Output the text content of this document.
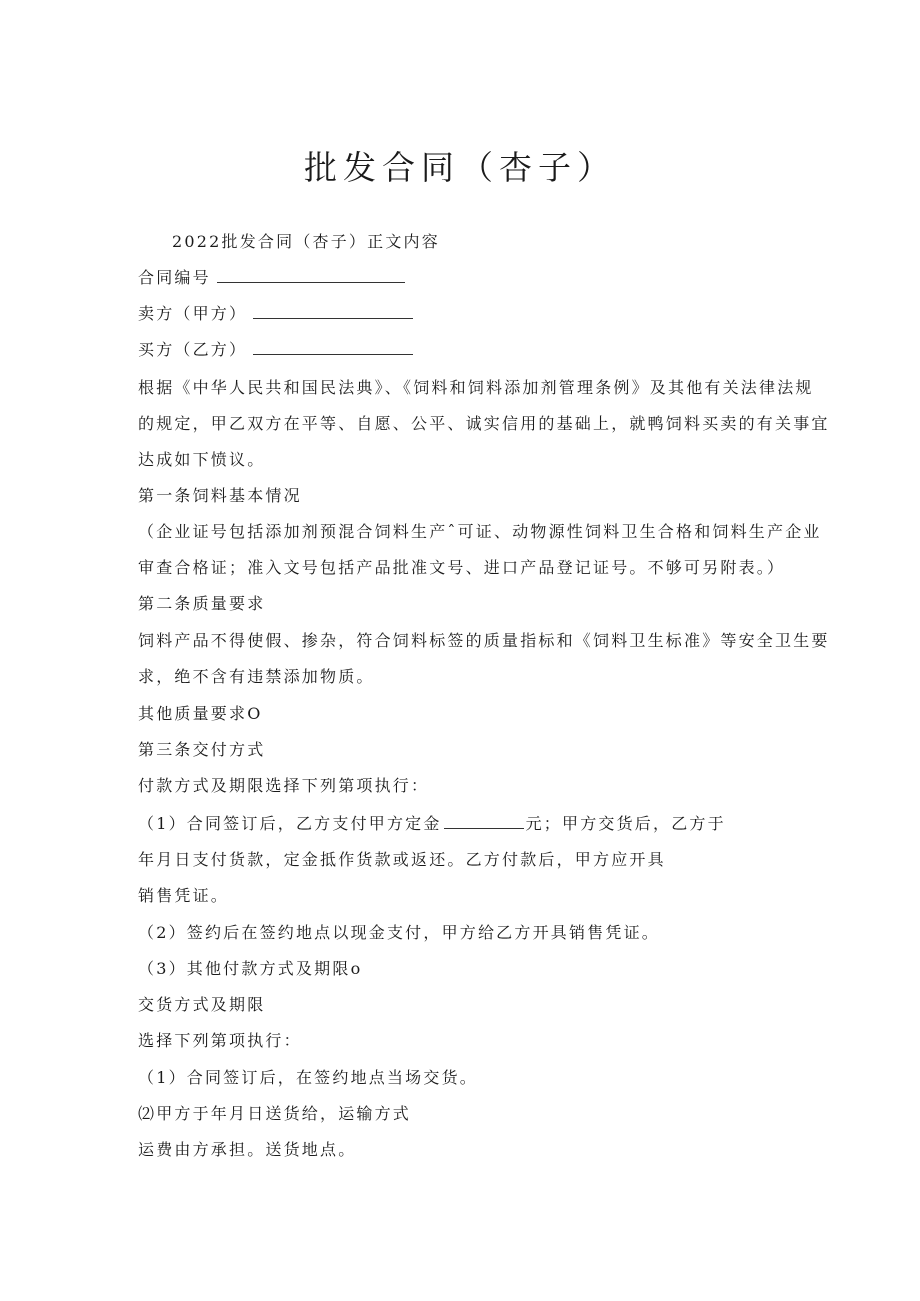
批发合同（杏子）
2022批发合同（杏子）正文内容
合同编号
卖方（甲方）
买方（乙方）
根据《中华人民共和国民法典》、《饲料和饲料添加剂管理条例》及其他有关法律法规
的规定，甲乙双方在平等、自愿、公平、诚实信用的基础上，就鸭饲料买卖的有关事宜
达成如下愤议。
第一条饲料基本情况
（企业证号包括添加剂预混合饲料生产ˆ可证、动物源性饲料卫生合格和饲料生产企业
审查合格证；准入文号包括产品批准文号、进口产品登记证号。不够可另附表。）
第二条质量要求
饲料产品不得使假、掺杂，符合饲料标签的质量指标和《饲料卫生标准》等安全卫生要
求，绝不含有违禁添加物质。
其他质量要求O
第三条交付方式
付款方式及期限选择下列第项执行：
（1）合同签订后，乙方支付甲方定金	元；甲方交货后，乙方于
年月日支付货款，定金抵作货款或返还。乙方付款后，甲方应开具
销售凭证。
（2）签约后在签约地点以现金支付，甲方给乙方开具销售凭证。
（3）其他付款方式及期限o
交货方式及期限
选择下列第项执行：
（1）合同签订后，在签约地点当场交货。
⑵甲方于年月日送货给，运输方式
运费由方承担。送货地点。
